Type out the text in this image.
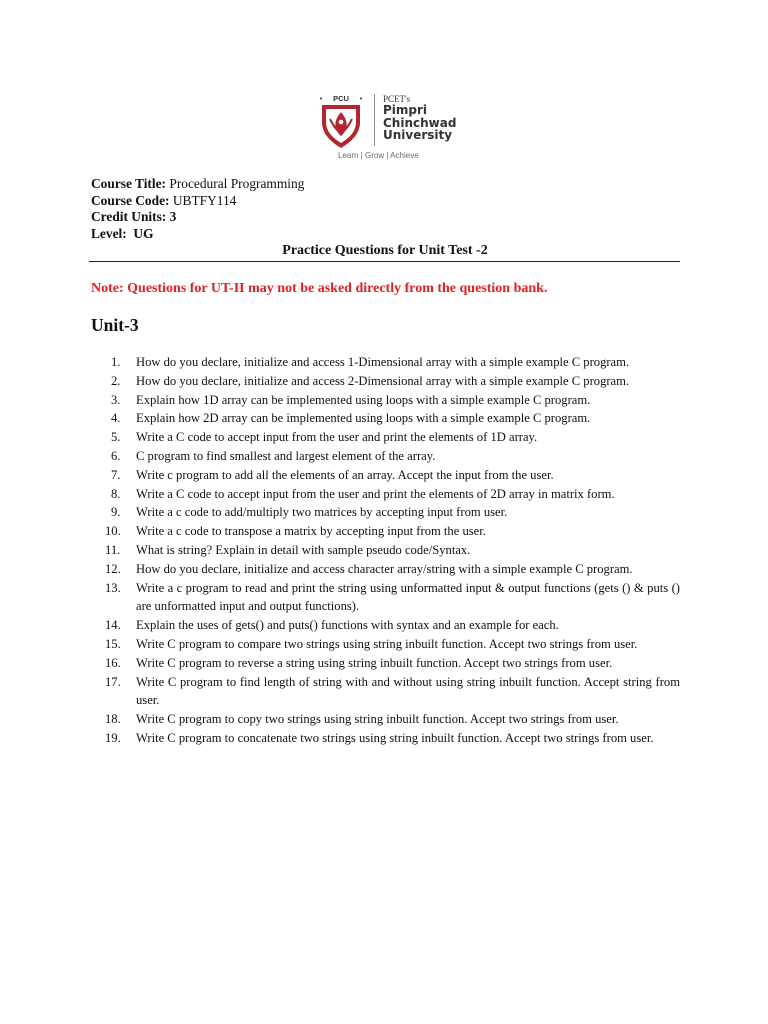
PCU	PCET's
Pimpri
Chinchwad
University
Learn | Grow | Achieve
Course Title: Procedural Programming
Course Code: UBTFY114
Credit Units: 3
Level: UG
Practice Questions for Unit Test -2
Note: Questions for UT-II may not be asked directly from the question bank.
Unit-3
1. How do you declare, initialize and access 1-Dimensional array with a simple example C program.
2. How do you declare, initialize and access 2-Dimensional array with a simple example C program.
3. Explain how 1D array can be implemented using loops with a simple example C program.
4. Explain how 2D array can be implemented using loops with a simple example C program.
5. Write a C code to accept input from the user and print the elements of 1D array.
6. C program to find smallest and largest element of the array.
7. Write c program to add all the elements of an array. Accept the input from the user.
8. Write a C code to accept input from the user and print the elements of 2D array in matrix form.
9. Write a c code to add/multiply two matrices by accepting input from user.
10. Write a c code to transpose a matrix by accepting input from the user.
11. What is string? Explain in detail with sample pseudo code/Syntax.
12. How do you declare, initialize and access character array/string with a simple example C program.
13. Write a c program to read and print the string using unformatted input & output functions (gets () & puts () are unformatted input and output functions).
14. Explain the uses of gets() and puts() functions with syntax and an example for each.
15. Write C program to compare two strings using string inbuilt function. Accept two strings from user.
16. Write C program to reverse a string using string inbuilt function. Accept two strings from user.
17. Write C program to find length of string with and without using string inbuilt function. Accept string from user.
18. Write C program to copy two strings using string inbuilt function. Accept two strings from user.
19. Write C program to concatenate two strings using string inbuilt function. Accept two strings from user.
